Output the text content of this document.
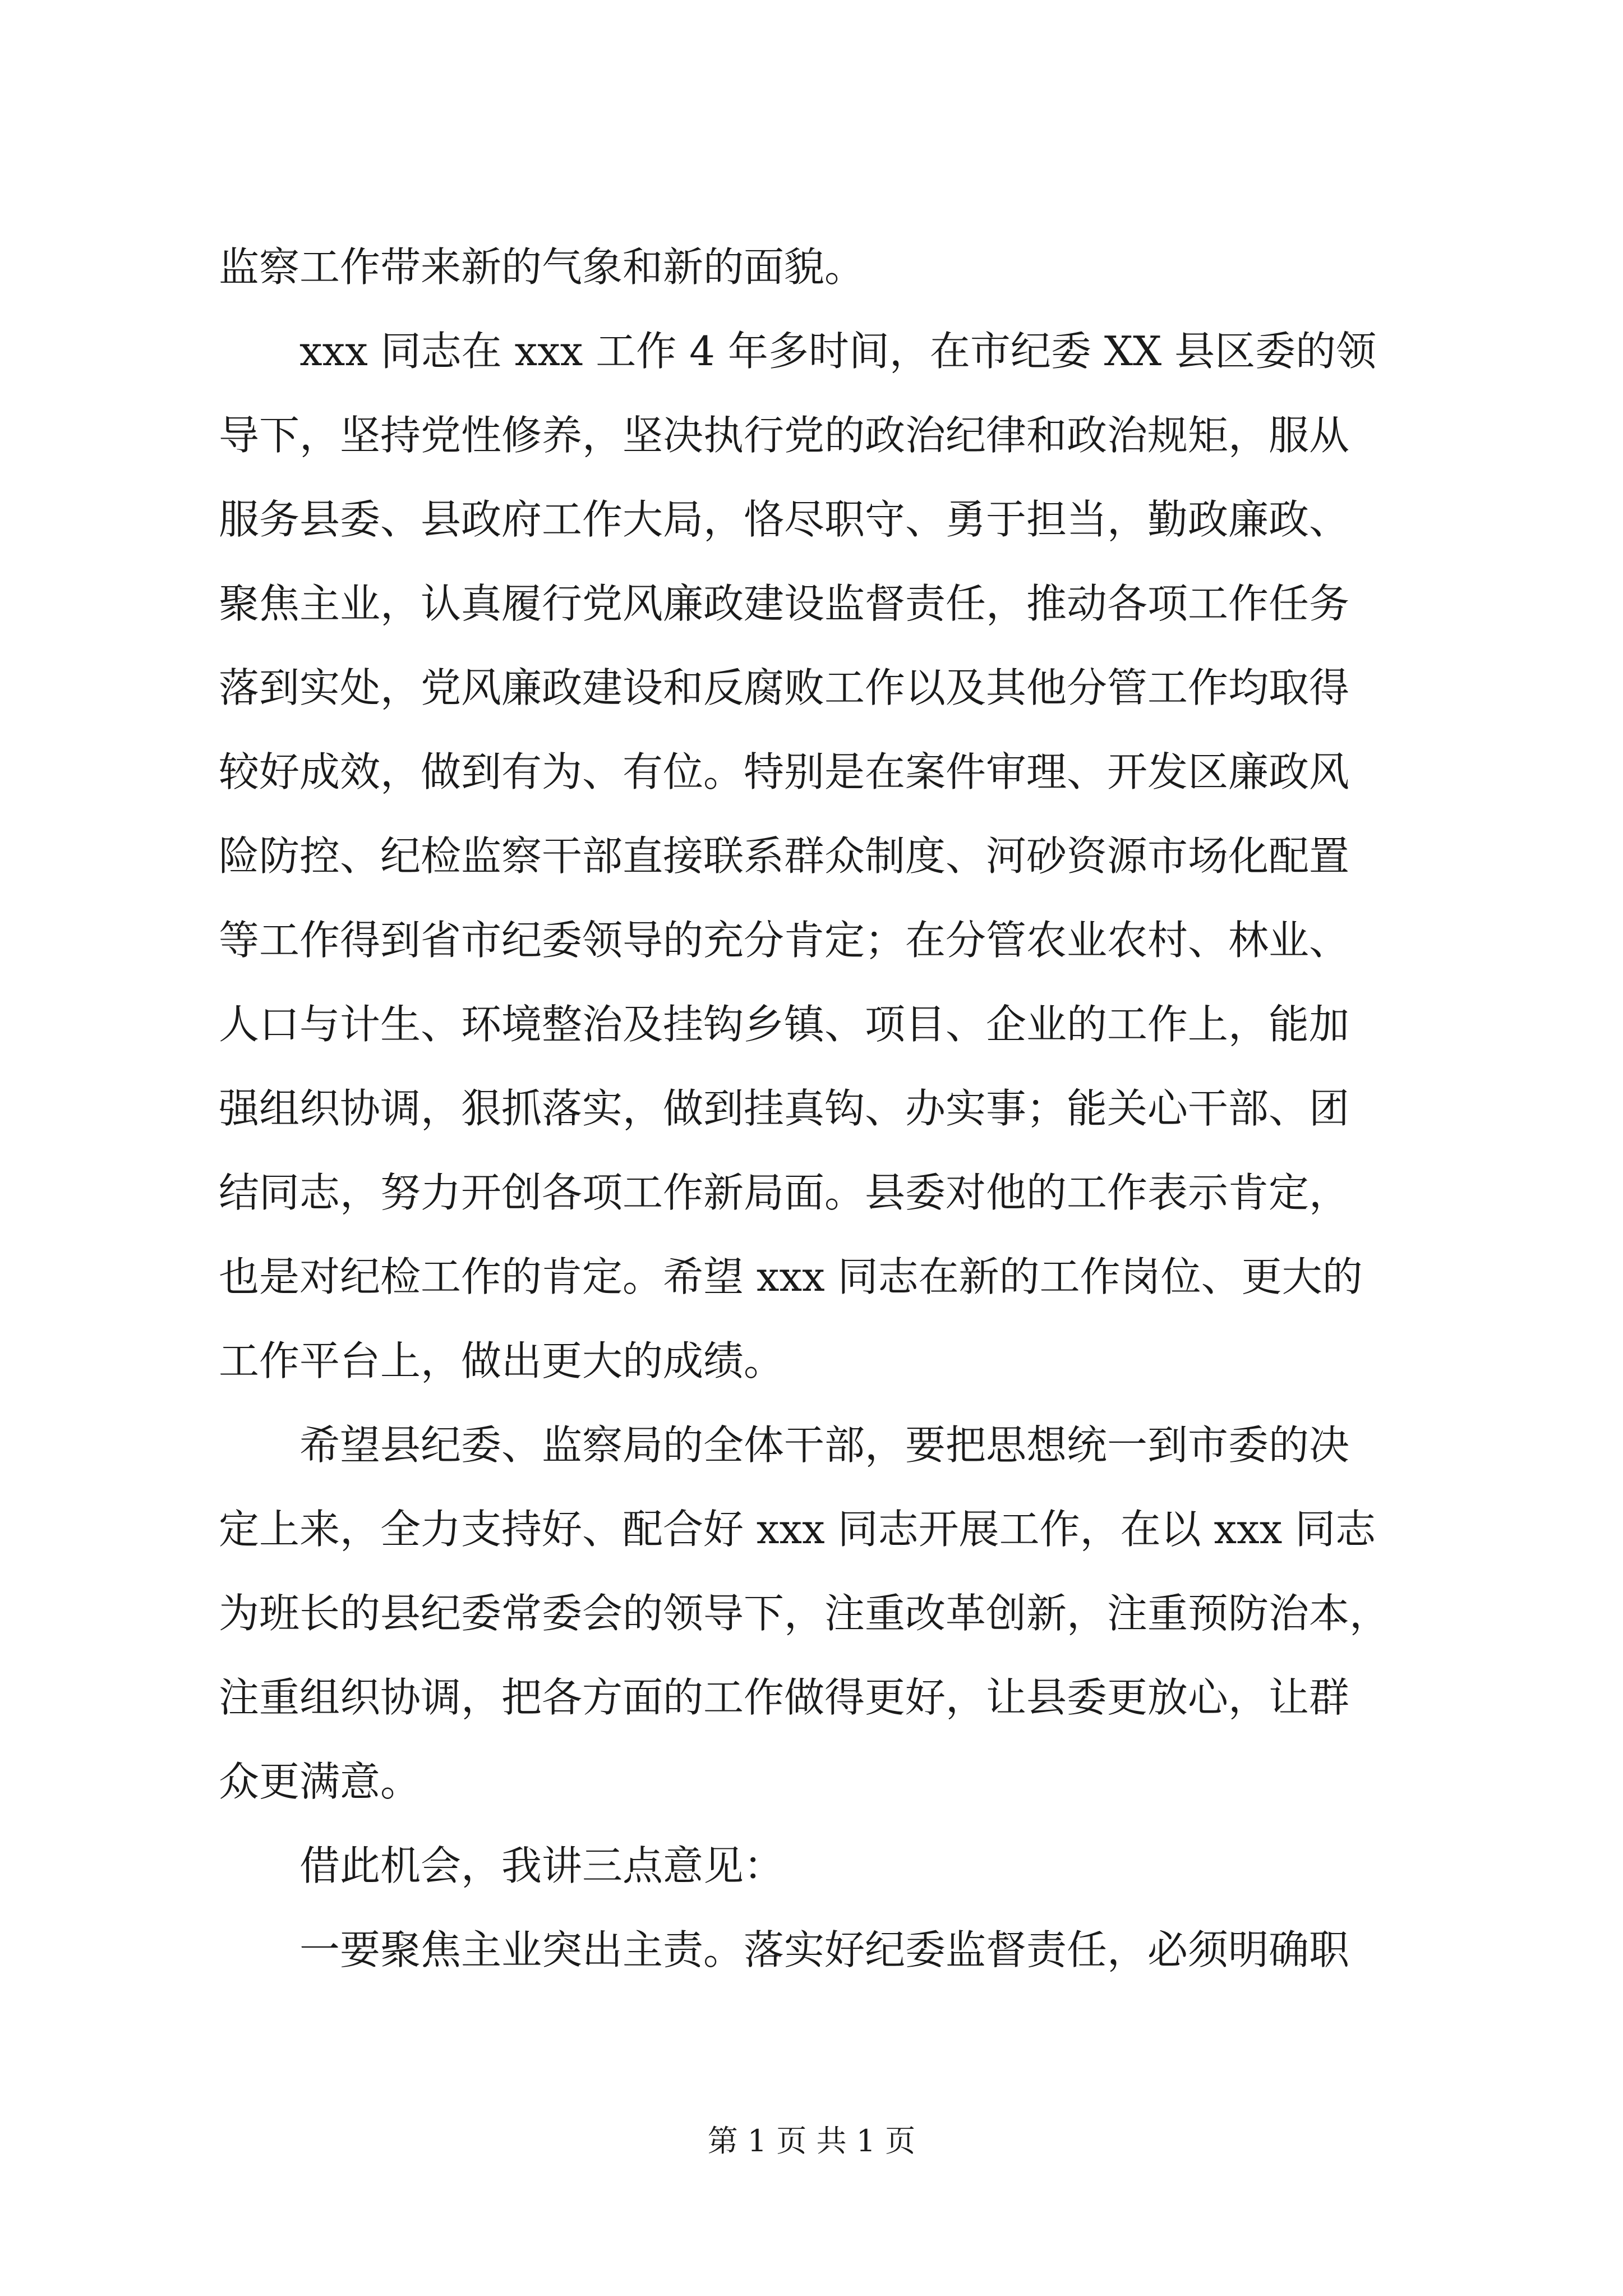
监察工作带来新的气象和新的面貌。
　　xxx 同志在 xxx 工作 4 年多时间，在市纪委 XX 县区委的领
导下，坚持党性修养，坚决执行党的政治纪律和政治规矩，服从
服务县委、县政府工作大局，恪尽职守、勇于担当，勤政廉政、
聚焦主业，认真履行党风廉政建设监督责任，推动各项工作任务
落到实处，党风廉政建设和反腐败工作以及其他分管工作均取得
较好成效，做到有为、有位。特别是在案件审理、开发区廉政风
险防控、纪检监察干部直接联系群众制度、河砂资源市场化配置
等工作得到省市纪委领导的充分肯定；在分管农业农村、林业、
人口与计生、环境整治及挂钩乡镇、项目、企业的工作上，能加
强组织协调，狠抓落实，做到挂真钩、办实事；能关心干部、团
结同志，努力开创各项工作新局面。县委对他的工作表示肯定，
也是对纪检工作的肯定。希望 xxx 同志在新的工作岗位、更大的
工作平台上，做出更大的成绩。
　　希望县纪委、监察局的全体干部，要把思想统一到市委的决
定上来，全力支持好、配合好 xxx 同志开展工作，在以 xxx 同志
为班长的县纪委常委会的领导下，注重改革创新，注重预防治本，
注重组织协调，把各方面的工作做得更好，让县委更放心，让群
众更满意。
　　借此机会，我讲三点意见：
　　一要聚焦主业突出主责。落实好纪委监督责任，必须明确职
第 1 页 共 1 页
